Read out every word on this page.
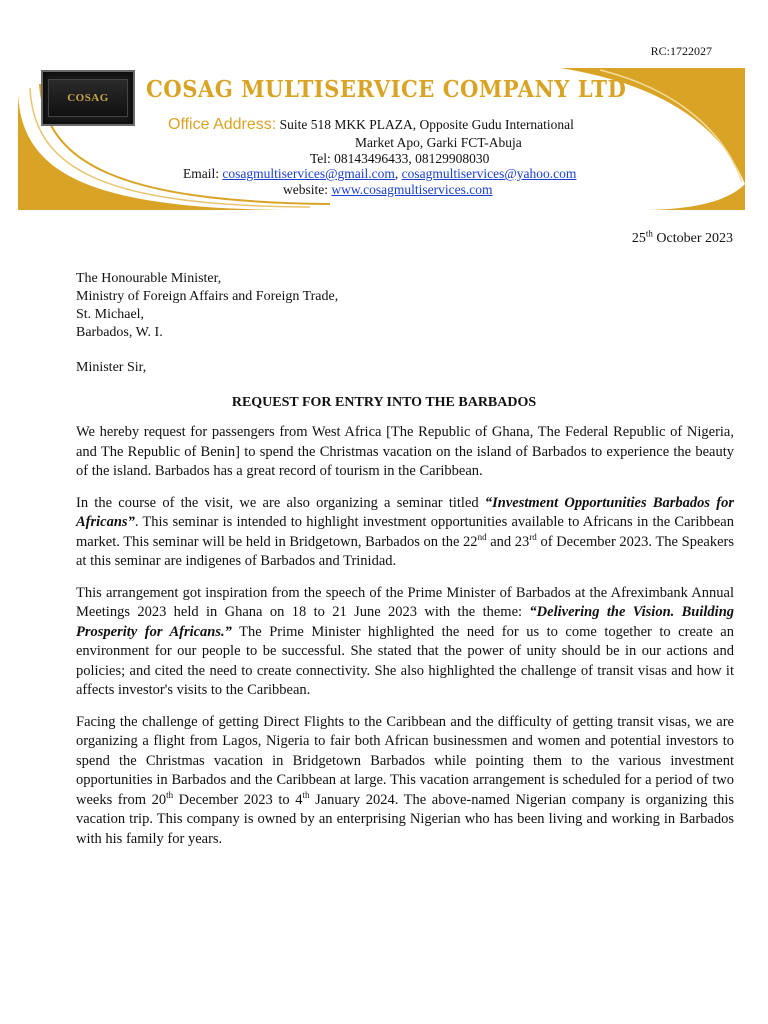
RC:1722027
COSAG COSAG MULTISERVICE COMPANY LTD
Office Address: Suite 518 MKK PLAZA, Opposite Gudu International
Market Apo, Garki FCT-Abuja
Tel: 08143496433, 08129908030
Email: cosagmultiservices@gmail.com, cosagmultiservices@yahoo.com
website: www.cosagmultiservices.com
25th October 2023
The Honourable Minister,
Ministry of Foreign Affairs and Foreign Trade,
St. Michael,
Barbados, W. I.
Minister Sir,
REQUEST FOR ENTRY INTO THE BARBADOS

We hereby request for passengers from West Africa [The Republic of Ghana, The Federal Republic of Nigeria, and The Republic of Benin] to spend the Christmas vacation on the island of Barbados to experience the beauty of the island. Barbados has a great record of tourism in the Caribbean.

In the course of the visit, we are also organizing a seminar titled “Investment Opportunities Barbados for Africans”. This seminar is intended to highlight investment opportunities available to Africans in the Caribbean market. This seminar will be held in Bridgetown, Barbados on the 22nd and 23rd of December 2023. The Speakers at this seminar are indigenes of Barbados and Trinidad.

This arrangement got inspiration from the speech of the Prime Minister of Barbados at the Afreximbank Annual Meetings 2023 held in Ghana on 18 to 21 June 2023 with the theme: “Delivering the Vision. Building Prosperity for Africans.” The Prime Minister highlighted the need for us to come together to create an environment for our people to be successful. She stated that the power of unity should be in our actions and policies; and cited the need to create connectivity. She also highlighted the challenge of transit visas and how it affects investor's visits to the Caribbean.

Facing the challenge of getting Direct Flights to the Caribbean and the difficulty of getting transit visas, we are organizing a flight from Lagos, Nigeria to fair both African businessmen and women and potential investors to spend the Christmas vacation in Bridgetown Barbados while pointing them to the various investment opportunities in Barbados and the Caribbean at large. This vacation arrangement is scheduled for a period of two weeks from 20th December 2023 to 4th January 2024. The above-named Nigerian company is organizing this vacation trip. This company is owned by an enterprising Nigerian who has been living and working in Barbados with his family for years.
